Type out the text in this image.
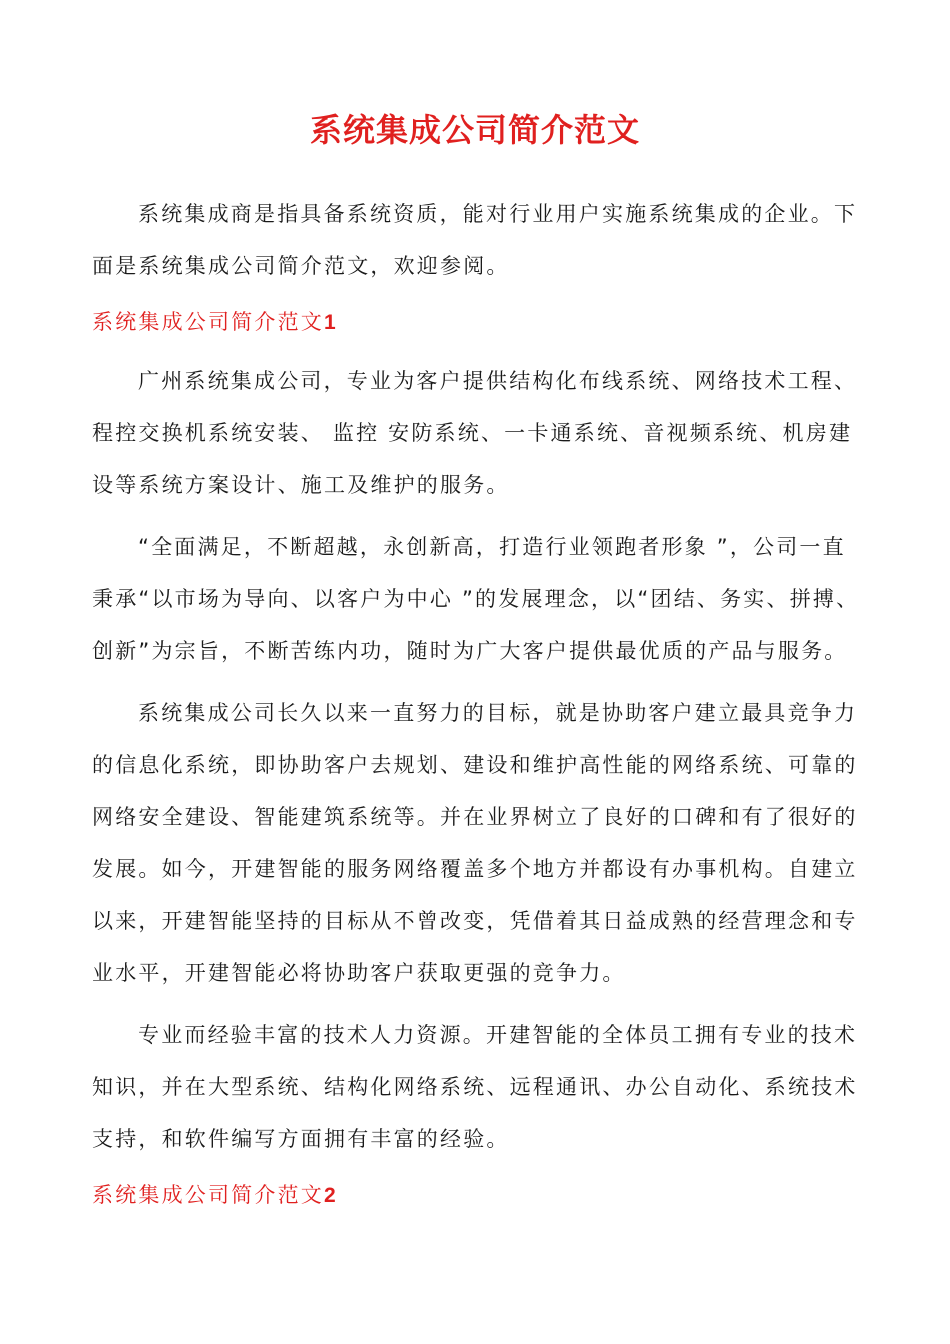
系统集成公司简介范文

系统集成商是指具备系统资质，能对行业用户实施系统集成的企业。下面是系统集成公司简介范文，欢迎参阅。

系统集成公司简介范文1

广州系统集成公司，专业为客户提供结构化布线系统、网络技术工程、程控交换机系统安装、 监控 安防系统、一卡通系统、音视频系统、机房建设等系统方案设计、施工及维护的服务。

“全面满足，不断超越，永创新高，打造行业领跑者形象 ”，公司一直秉承“以市场为导向、以客户为中心 ”的发展理念，以“团结、务实、拼搏、创新”为宗旨，不断苦练内功，随时为广大客户提供最优质的产品与服务。

系统集成公司长久以来一直努力的目标，就是协助客户建立最具竞争力的信息化系统，即协助客户去规划、建设和维护高性能的网络系统、可靠的网络安全建设、智能建筑系统等。并在业界树立了良好的口碑和有了很好的发展。如今，开建智能的服务网络覆盖多个地方并都设有办事机构。自建立以来，开建智能坚持的目标从不曾改变，凭借着其日益成熟的经营理念和专业水平，开建智能必将协助客户获取更强的竞争力。

专业而经验丰富的技术人力资源。开建智能的全体员工拥有专业的技术知识，并在大型系统、结构化网络系统、远程通讯、办公自动化、系统技术支持，和软件编写方面拥有丰富的经验。

系统集成公司简介范文2
